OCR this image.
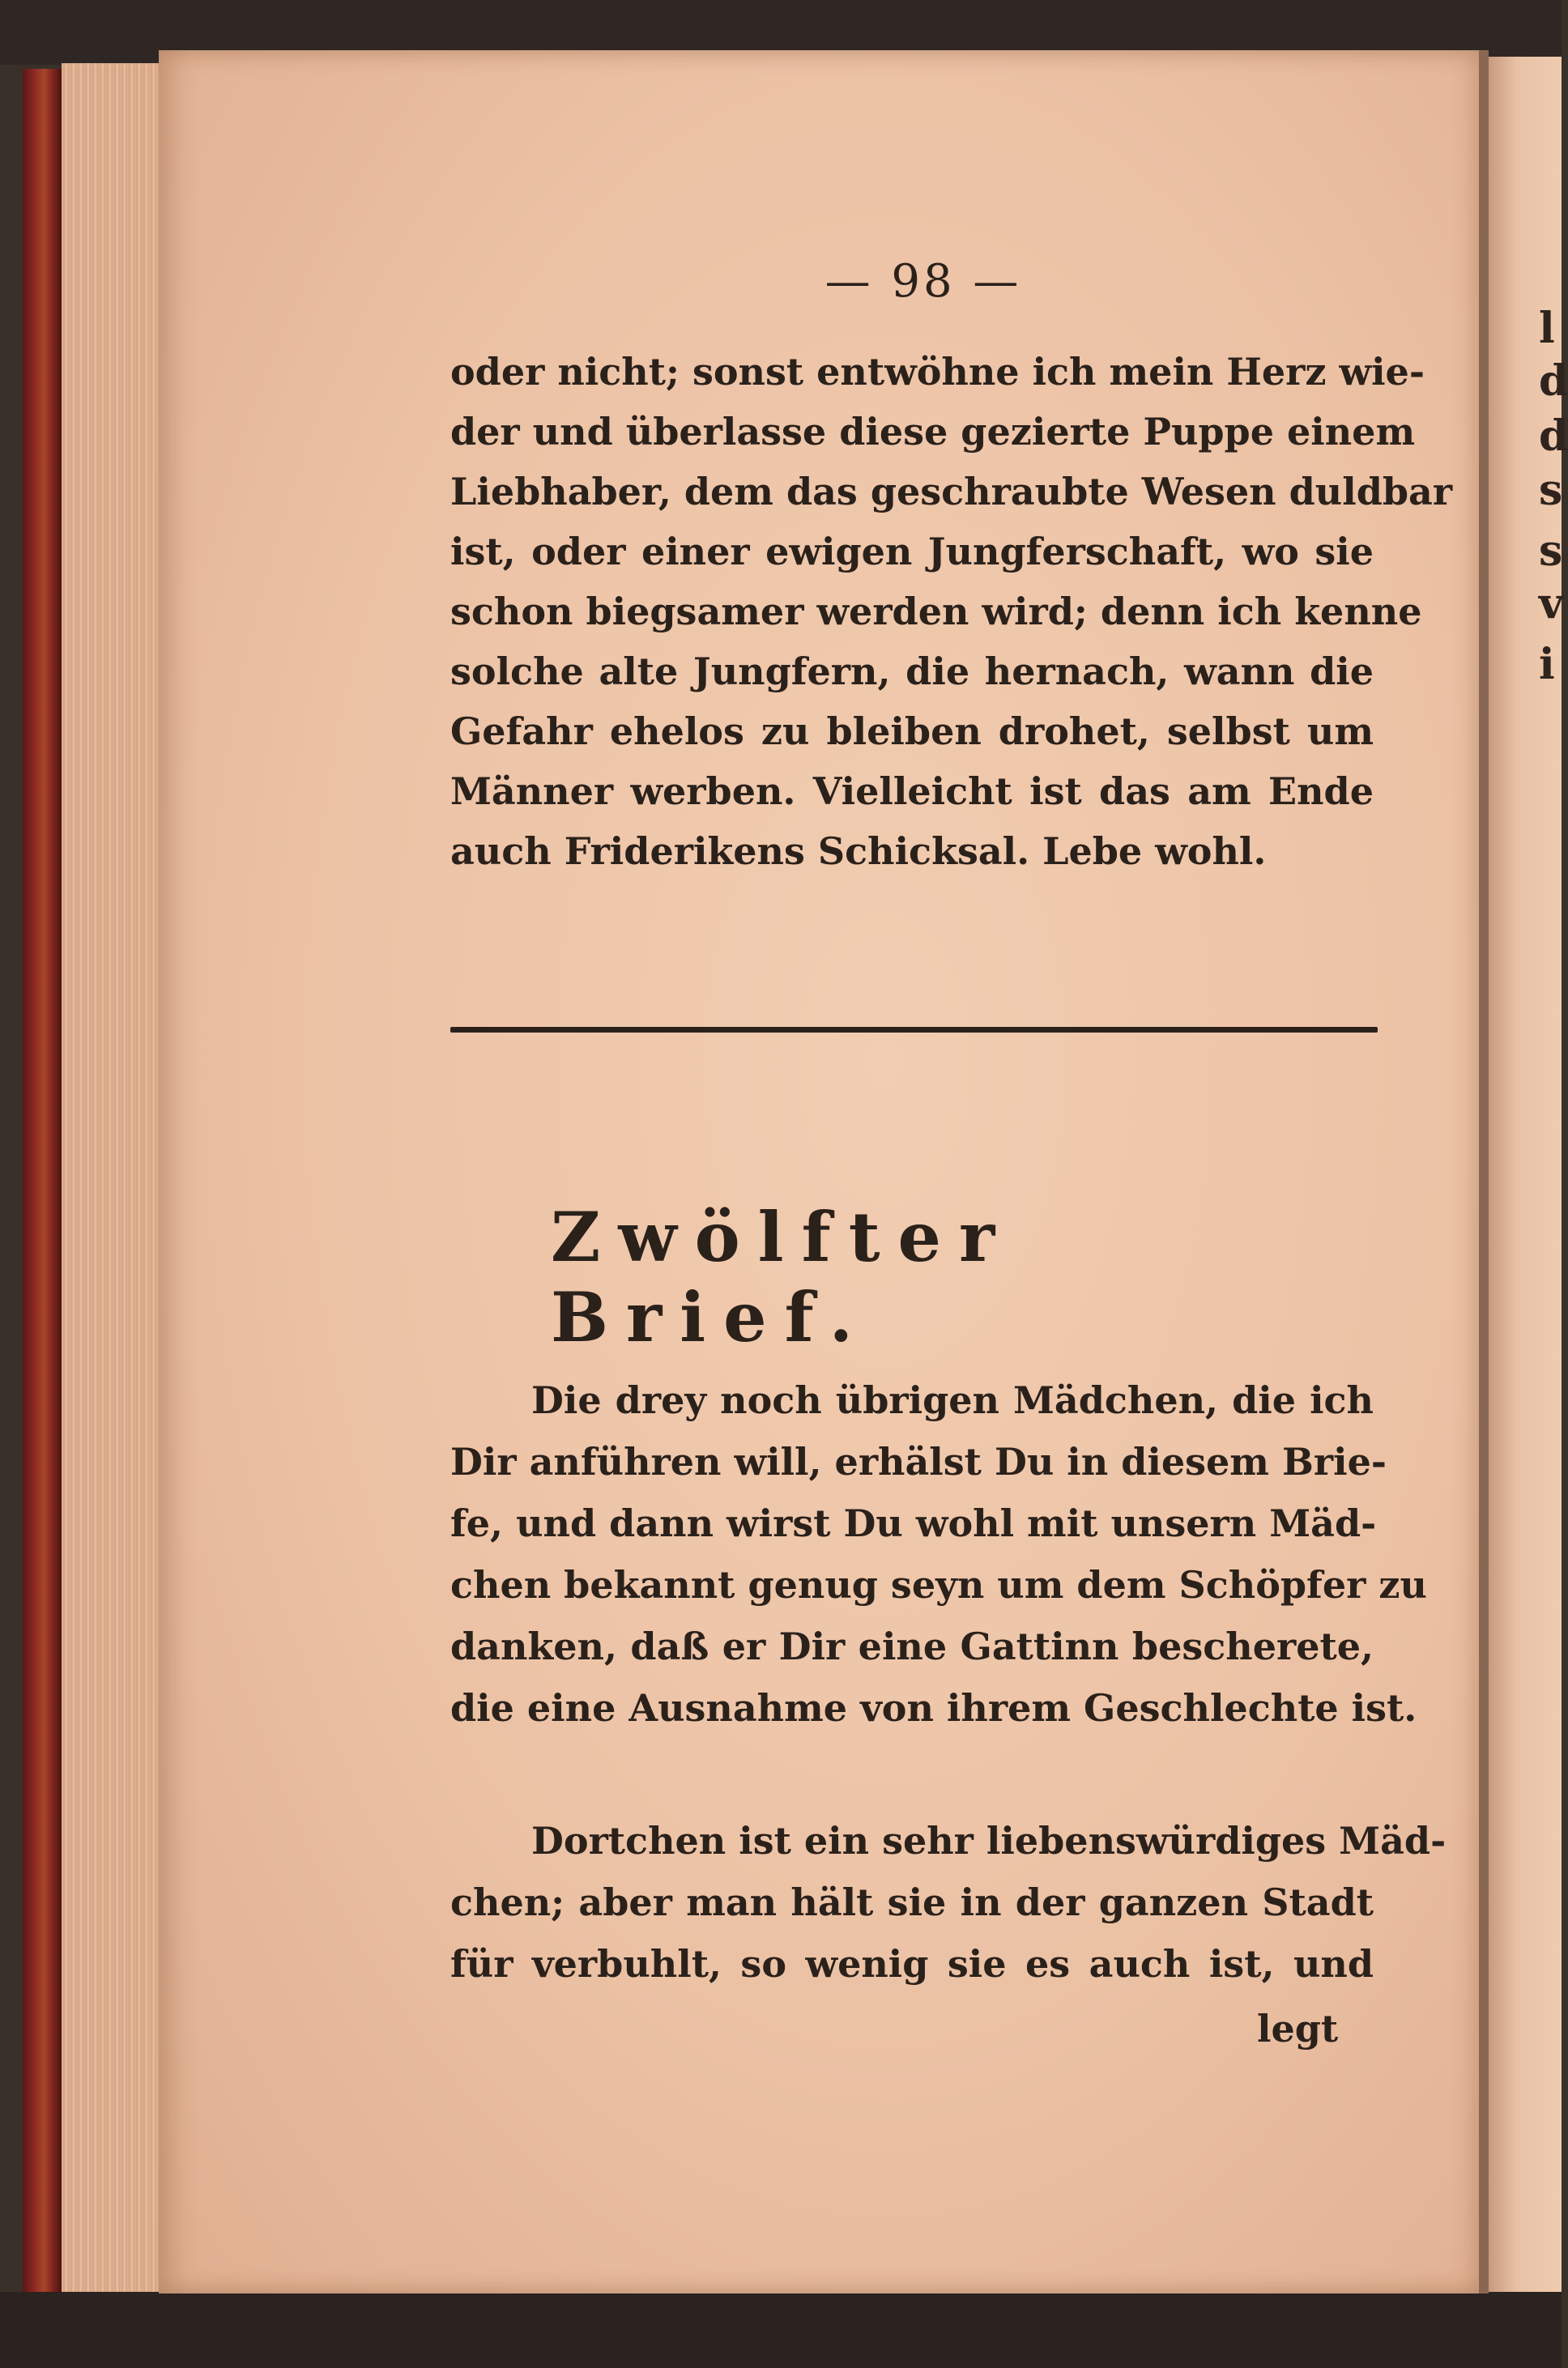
l
d
d
s
s
v
i
— 98 —
oder nicht; sonst entwöhne ich mein Herz wie-
der und überlasse diese gezierte Puppe einem
Liebhaber, dem das geschraubte Wesen duldbar
ist, oder einer ewigen Jungferschaft, wo sie
schon biegsamer werden wird; denn ich kenne
solche alte Jungfern, die hernach, wann die
Gefahr ehelos zu bleiben drohet, selbst um
Männer werben. Vielleicht ist das am Ende
auch Friderikens Schicksal. Lebe wohl.
Zwölfter Brief.
Die drey noch übrigen Mädchen, die ich
Dir anführen will, erhälst Du in diesem Brie-
fe, und dann wirst Du wohl mit unsern Mäd-
chen bekannt genug seyn um dem Schöpfer zu
danken, daß er Dir eine Gattinn bescherete,
die eine Ausnahme von ihrem Geschlechte ist.
Dortchen ist ein sehr liebenswürdiges Mäd-
chen; aber man hält sie in der ganzen Stadt
für verbuhlt, so wenig sie es auch ist, und
legt
